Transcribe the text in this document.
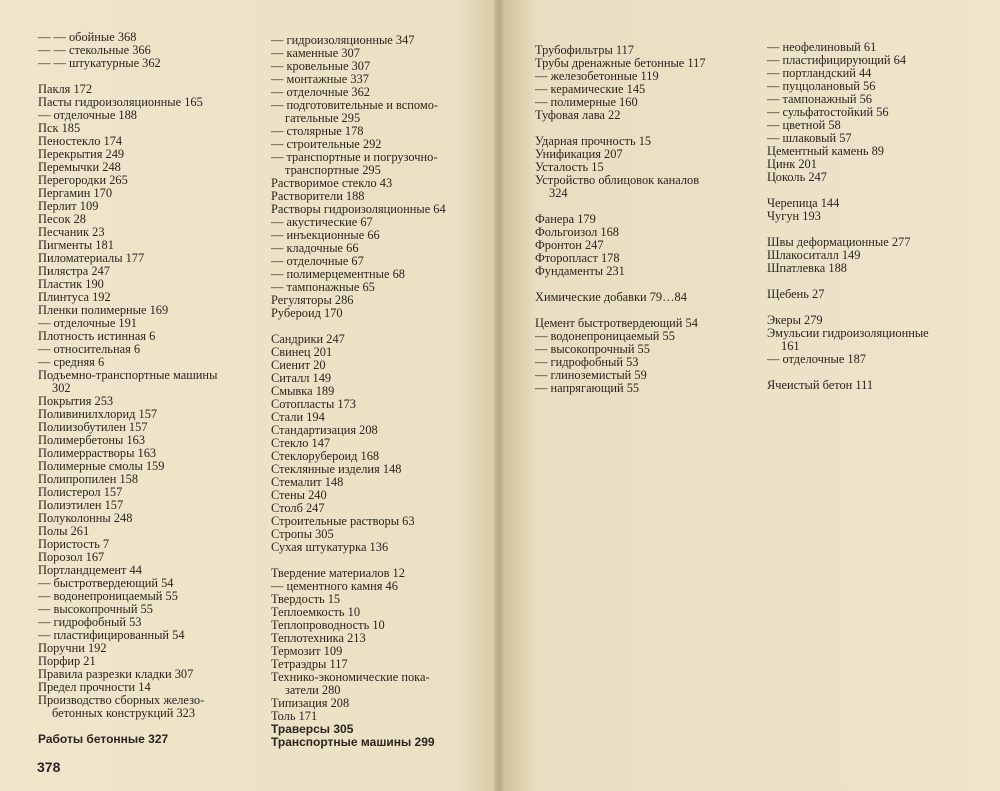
— — обойные 368
— — стекольные 366
— — штукатурные 362
Пакля 172
Пасты гидроизоляционные 165
— отделочные 188
Пск 185
Пеностекло 174
Перекрытия 249
Перемычки 248
Перегородки 265
Пергамин 170
Перлит 109
Песок 28
Песчаник 23
Пигменты 181
Пиломатериалы 177
Пилястра 247
Пластик 190
Плинтуса 192
Пленки полимерные 169
— отделочные 191
Плотность истинная 6
— относительная 6
— средняя 6
Подъемно-транспортные машины
302
Покрытия 253
Поливинилхлорид 157
Полиизобутилен 157
Полимербетоны 163
Полимеррастворы 163
Полимерные смолы 159
Полипропилен 158
Полистерол 157
Полиэтилен 157
Полуколонны 248
Полы 261
Пористость 7
Порозол 167
Портландцемент 44
— быстротвердеющий 54
— водонепроницаемый 55
— высокопрочный 55
— гидрофобный 53
— пластифицированный 54
Поручни 192
Порфир 21
Правила разрезки кладки 307
Предел прочности 14
Производство сборных железо-
бетонных конструкций 323
Работы бетонные 327
— гидроизоляционные 347
— каменные 307
— кровельные 307
— монтажные 337
— отделочные 362
— подготовительные и вспомо-
гательные 295
— столярные 178
— строительные 292
— транспортные и погрузочно-
транспортные 295
Растворимое стекло 43
Растворители 188
Растворы гидроизоляционные 64
— акустические 67
— инъекционные 66
— кладочные 66
— отделочные 67
— полимерцементные 68
— тампонажные 65
Регуляторы 286
Рубероид 170
Сандрики 247
Свинец 201
Сиенит 20
Ситалл 149
Смывка 189
Сотопласты 173
Стали 194
Стандартизация 208
Стекло 147
Стеклорубероид 168
Стеклянные изделия 148
Стемалит 148
Стены 240
Столб 247
Строительные растворы 63
Стропы 305
Сухая штукатурка 136
Твердение материалов 12
— цементного камня 46
Твердость 15
Теплоемкость 10
Теплопроводность 10
Теплотехника 213
Термозит 109
Тетраэдры 117
Технико-экономические пока-
затели 280
Типизация 208
Толь 171
Траверсы 305
Транспортные машины 299
Трубофильтры 117
Трубы дренажные бетонные 117
— железобетонные 119
— керамические 145
— полимерные 160
Туфовая лава 22
Ударная прочность 15
Унификация 207
Усталость 15
Устройство облицовок каналов
324
Фанера 179
Фольгоизол 168
Фронтон 247
Фторопласт 178
Фундаменты 231
Химические добавки 79…84
Цемент быстротвердеющий 54
— водонепроницаемый 55
— высокопрочный 55
— гидрофобный 53
— глиноземистый 59
— напрягающий 55
— неофелиновый 61
— пластифицирующий 64
— портландский 44
— пуццолановый 56
— тампонажный 56
— сульфатостойкий 56
— цветной 58
— шлаковый 57
Цементный камень 89
Цинк 201
Цоколь 247
Черепица 144
Чугун 193
Швы деформационные 277
Шлакоситалл 149
Шпатлевка 188
Щебень 27
Экеры 279
Эмульсии гидроизоляционные
161
— отделочные 187
Ячеистый бетон 111
378
